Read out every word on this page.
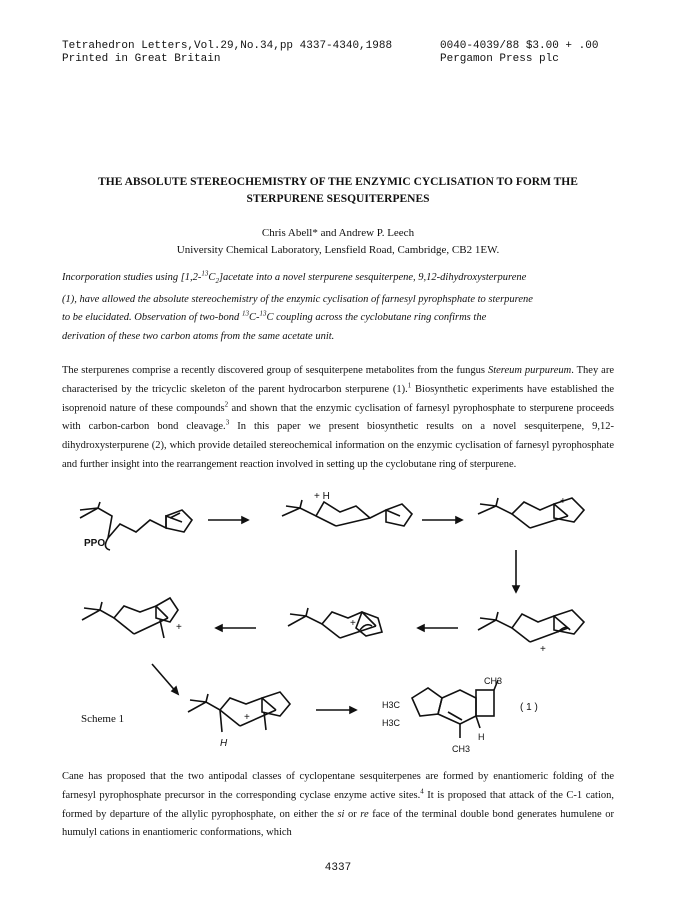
Tetrahedron Letters,Vol.29,No.34,pp 4337-4340,1988
Printed in Great Britain
0040-4039/88 $3.00 + .00
Pergamon Press plc
THE ABSOLUTE STEREOCHEMISTRY OF THE ENZYMIC CYCLISATION TO FORM THE
STERPURENE SESQUITERPENES
Chris Abell* and Andrew P. Leech
University Chemical Laboratory, Lensfield Road, Cambridge, CB2 1EW.
Incorporation studies using $[1,2-^{13}C_2]acetate$ into a novel sterpurene sesquiterpene, 9,12-dihydroxysterpurene
(1), have allowed the absolute stereochemistry of the enzymic cyclisation of farnesyl pyrophsphate to sterpurene
to be elucidated. Observation of two-bond $^{13}$C-$^{13}$C coupling across the cyclobutane ring confirms the
derivation of these two carbon atoms from the same acetate unit.
The sterpurenes comprise a recently discovered group of sesquiterpene metabolites from the fungus Stereum purpureum. They are characterised by the tricyclic skeleton of the parent hydrocarbon sterpurene (1).$^1$ Biosynthetic experiments have established the isoprenoid nature of these compounds$^2$ and shown that the enzymic cyclisation of farnesyl pyrophosphate to sterpurene proceeds with carbon-carbon bond cleavage.$^3$ In this paper we present biosynthetic results on a novel sesquiterpene, 9,12-dihydroxysterpurene (2), which provide detailed stereochemical information on the enzymic cyclisation of farnesyl pyrophosphate and further insight into the rearrangement reaction involved in setting up the cyclobutane ring of sterpurene.
PPO
+ H	+
+
+
+
+
H
CH3
CH3
H3C
H3C
H
( 1 )
Scheme 1
Cane has proposed that the two antipodal classes of cyclopentane sesquiterpenes are formed by enantiomeric folding of the farnesyl pyrophosphate precursor in the corresponding cyclase enzyme active sites.$^4$ It is proposed that attack of the C-1 cation, formed by departure of the allylic pyrophosphate, on either the si or re face of the terminal double bond generates humulene or humulyl cations in enantiomeric conformations, which
4337
